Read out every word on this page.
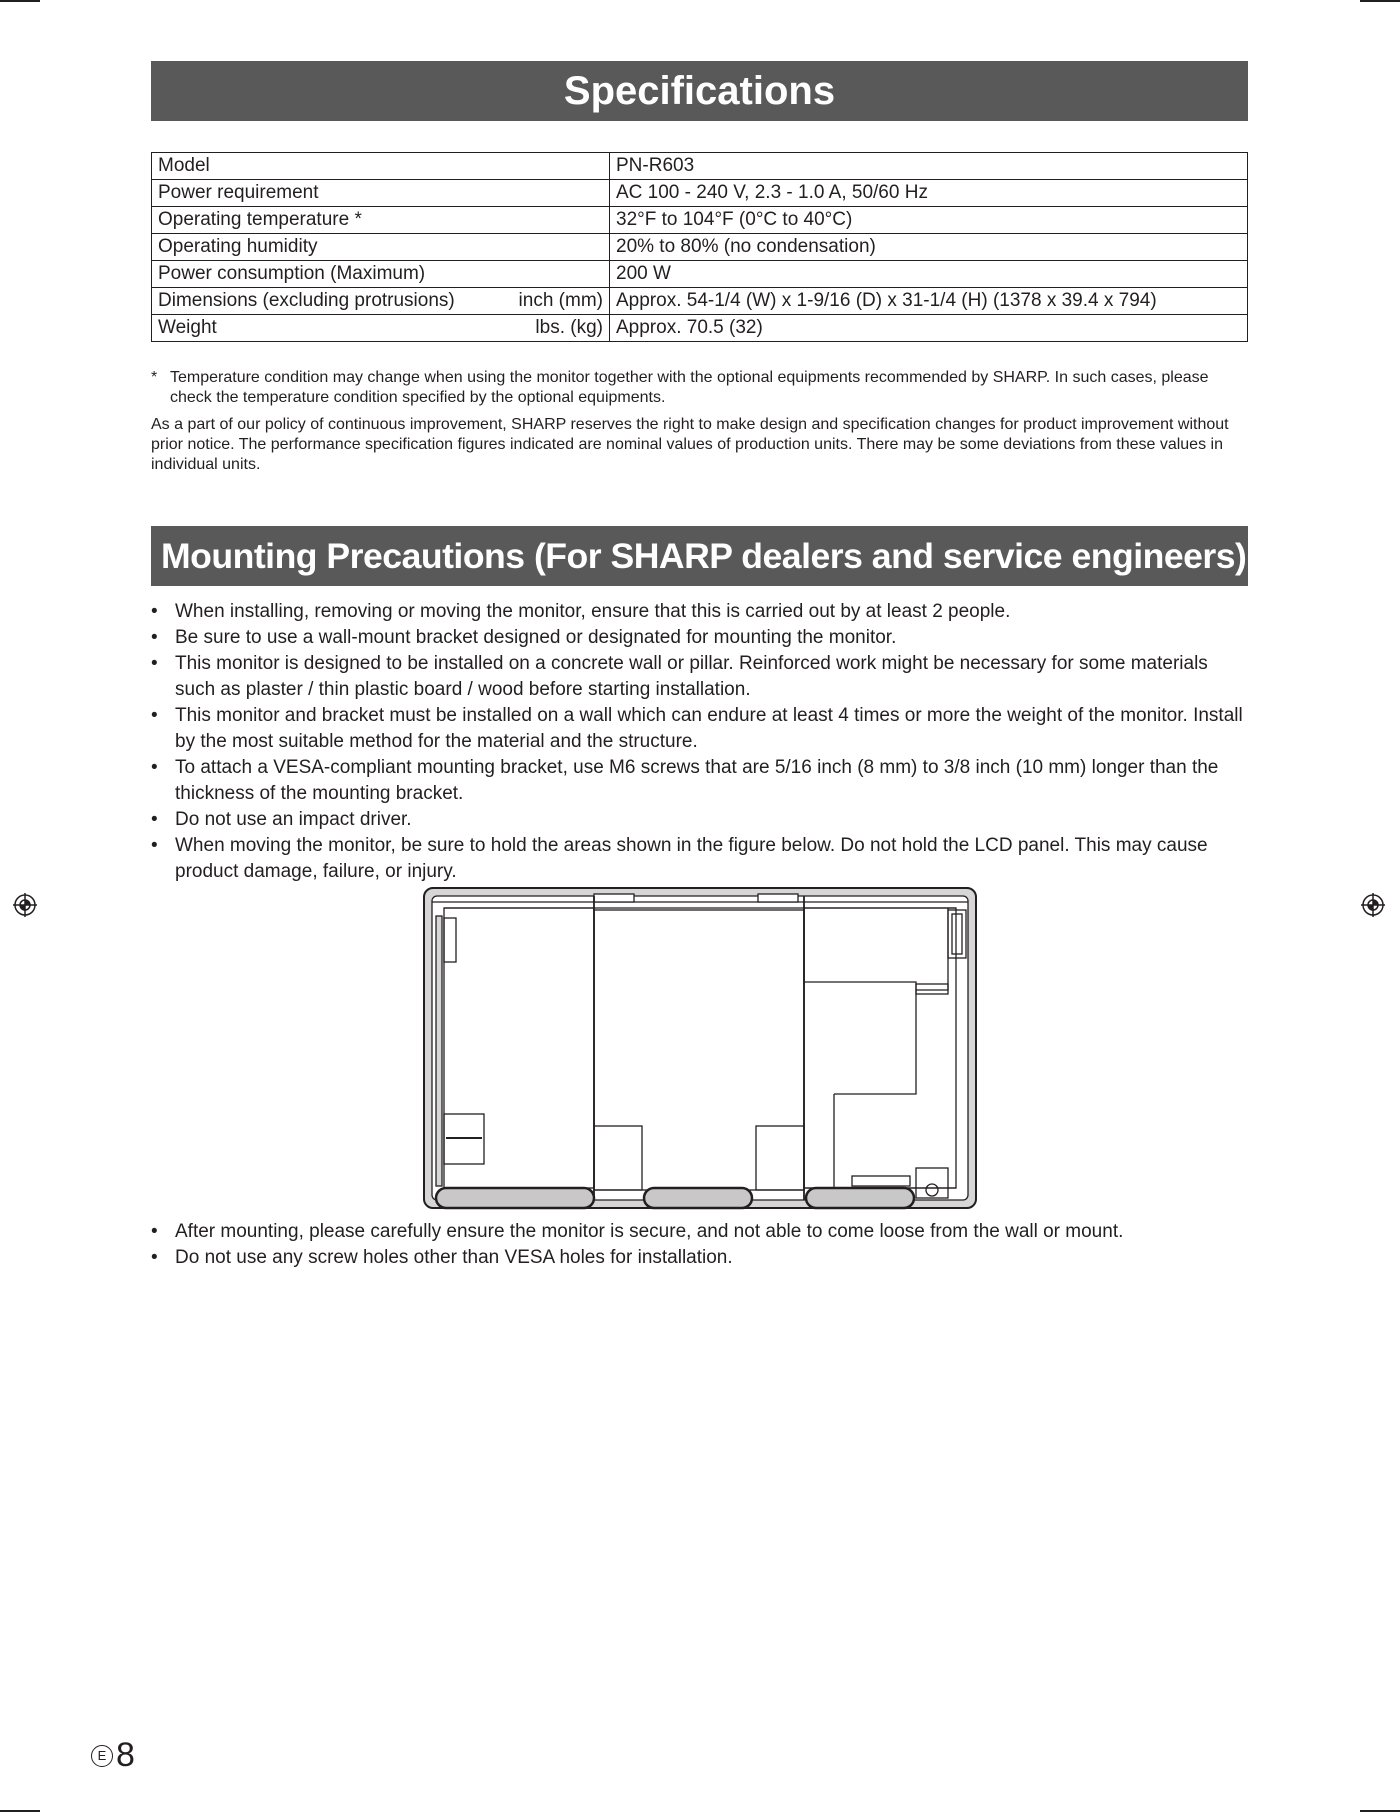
Specifications
Model	PN-R603
Power requirement	AC 100 - 240 V, 2.3 - 1.0 A, 50/60 Hz
Operating temperature *	32°F to 104°F (0°C to 40°C)
Operating humidity	20% to 80% (no condensation)
Power consumption (Maximum)	200 W
Dimensions (excluding protrusions) inch (mm)	Approx. 54-1/4 (W) x 1-9/16 (D) x 31-1/4 (H) (1378 x 39.4 x 794)
Weight lbs. (kg)	Approx. 70.5 (32)
* Temperature condition may change when using the monitor together with the optional equipments recommended by SHARP. In such cases, please check the temperature condition specified by the optional equipments.
As a part of our policy of continuous improvement, SHARP reserves the right to make design and specification changes for product improvement without prior notice. The performance specification figures indicated are nominal values of production units. There may be some deviations from these values in individual units.
Mounting Precautions (For SHARP dealers and service engineers)
• When installing, removing or moving the monitor, ensure that this is carried out by at least 2 people.
• Be sure to use a wall-mount bracket designed or designated for mounting the monitor.
• This monitor is designed to be installed on a concrete wall or pillar. Reinforced work might be necessary for some materials such as plaster / thin plastic board / wood before starting installation.
• This monitor and bracket must be installed on a wall which can endure at least 4 times or more the weight of the monitor. Install by the most suitable method for the material and the structure.
• To attach a VESA-compliant mounting bracket, use M6 screws that are 5/16 inch (8 mm) to 3/8 inch (10 mm) longer than the thickness of the mounting bracket.
• Do not use an impact driver.
• When moving the monitor, be sure to hold the areas shown in the figure below. Do not hold the LCD panel. This may cause product damage, failure, or injury.
• After mounting, please carefully ensure the monitor is secure, and not able to come loose from the wall or mount.
• Do not use any screw holes other than VESA holes for installation.
E 8
